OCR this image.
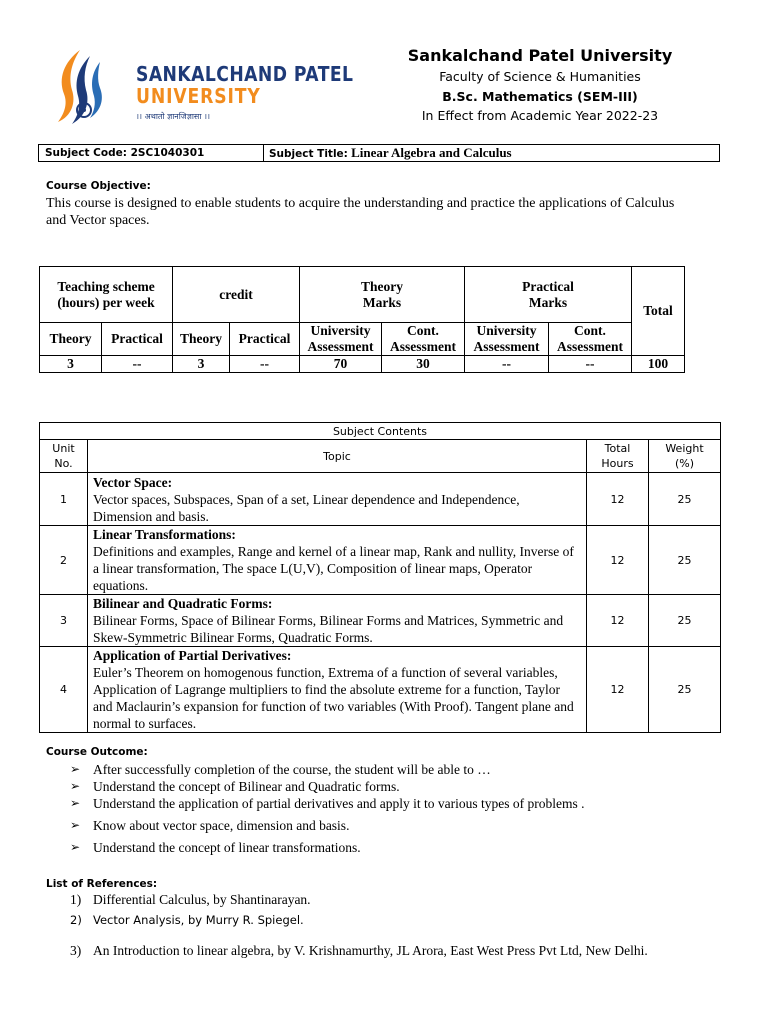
SANKALCHAND PATEL
UNIVERSITY
।। अथातो ज्ञानजिज्ञासा ।।
Sankalchand Patel University
Faculty of Science & Humanities
B.Sc. Mathematics (SEM-III)
In Effect from Academic Year 2022-23
Subject Code: 2SC1040301	Subject Title: Linear Algebra and Calculus
Course Objective:
This course is designed to enable students to acquire the understanding and practice the applications of Calculus and Vector spaces.
Teaching scheme (hours) per week		credit		Theory Marks		Practical Marks		Total
Theory	Practical	Theory	Practical	University Assessment	Cont. Assessment	University Assessment	Cont. Assessment	
3	--	3	--	70	30	--	--	100
Subject Contents			
Unit No.	Topic	Total Hours	Weight (%)
1	Vector Space:
Vector spaces, Subspaces, Span of a set, Linear dependence and Independence, Dimension and basis.	12	25
2	Linear Transformations:
Definitions and examples, Range and kernel of a linear map, Rank and nullity, Inverse of a linear transformation, The space L(U,V), Composition of linear maps, Operator equations.	12	25
3	Bilinear and Quadratic Forms:
Bilinear Forms, Space of Bilinear Forms, Bilinear Forms and Matrices, Symmetric and Skew-Symmetric Bilinear Forms, Quadratic Forms.	12	25
4	Application of Partial Derivatives:
Euler’s Theorem on homogenous function, Extrema of a function of several variables, Application of Lagrange multipliers to find the absolute extreme for a function, Taylor and Maclaurin’s expansion for function of two variables (With Proof). Tangent plane and normal to surfaces.	12	25
Course Outcome:
➢ After successfully completion of the course, the student will be able to …
➢ Understand the concept of Bilinear and Quadratic forms.
➢ Understand the application of partial derivatives and apply it to various types of problems .
➢ Know about vector space, dimension and basis.
➢ Understand the concept of linear transformations.
List of References:
1) Differential Calculus, by Shantinarayan.
2) Vector Analysis, by Murry R. Spiegel.
3) An Introduction to linear algebra, by V. Krishnamurthy, JL Arora, East West Press Pvt Ltd, New Delhi.
